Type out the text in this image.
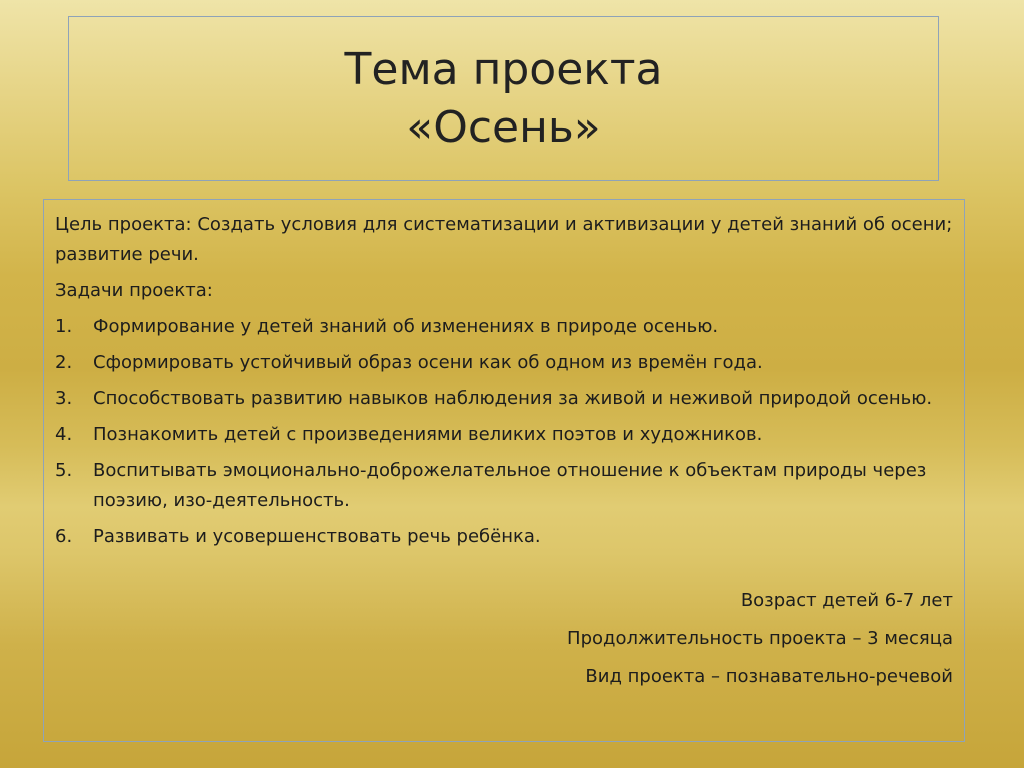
Тема проекта
«Осень»

Цель проекта: Создать условия для систематизации и активизации у детей знаний об осени; развитие речи.

Задачи проекта:

1.	Формирование у детей знаний об изменениях в природе осенью.
2.	Сформировать устойчивый образ осени как об одном из времён года.
3.	Способствовать развитию навыков наблюдения за живой и неживой природой осенью.
4.	Познакомить детей с произведениями великих поэтов и художников.
5.	Воспитывать эмоционально-доброжелательное отношение к объектам природы через поэзию, изо-деятельность.
6.	Развивать и усовершенствовать речь ребёнка.

Возраст детей 6-7 лет

Продолжительность проекта – 3 месяца

Вид проекта – познавательно-речевой
